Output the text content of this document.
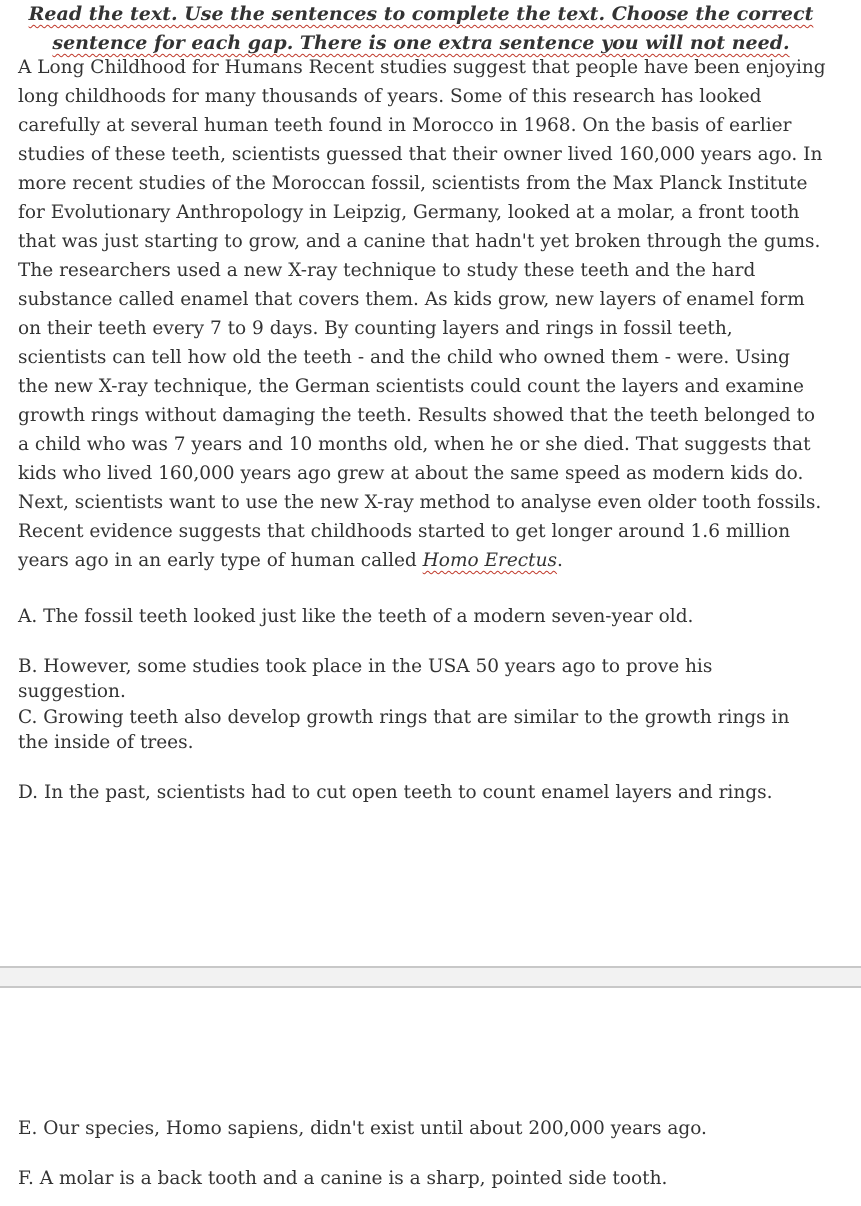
Read the text. Use the sentences to complete the text. Choose the correct sentence for each gap. There is one extra sentence you will not need.
A Long Childhood for Humans Recent studies suggest that people have been enjoying long childhoods for many thousands of years. Some of this research has looked carefully at several human teeth found in Morocco in 1968. On the basis of earlier studies of these teeth, scientists guessed that their owner lived 160,000 years ago. In more recent studies of the Moroccan fossil, scientists from the Max Planck Institute for Evolutionary Anthropology in Leipzig, Germany, looked at a molar, a front tooth that was just starting to grow, and a canine that hadn't yet broken through the gums. The researchers used a new X-ray technique to study these teeth and the hard substance called enamel that covers them. As kids grow, new layers of enamel form on their teeth every 7 to 9 days. By counting layers and rings in fossil teeth, scientists can tell how old the teeth - and the child who owned them - were. Using the new X-ray technique, the German scientists could count the layers and examine growth rings without damaging the teeth. Results showed that the teeth belonged to a child who was 7 years and 10 months old, when he or she died. That suggests that kids who lived 160,000 years ago grew at about the same speed as modern kids do. Next, scientists want to use the new X-ray method to analyse even older tooth fossils. Recent evidence suggests that childhoods started to get longer around 1.6 million years ago in an early type of human called Homo Erectus.
A. The fossil teeth looked just like the teeth of a modern seven-year old.
B. However, some studies took place in the USA 50 years ago to prove his suggestion.
C. Growing teeth also develop growth rings that are similar to the growth rings in the inside of trees.
D. In the past, scientists had to cut open teeth to count enamel layers and rings.
E. Our species, Homo sapiens, didn't exist until about 200,000 years ago.
F. A molar is a back tooth and a canine is a sharp, pointed side tooth.
